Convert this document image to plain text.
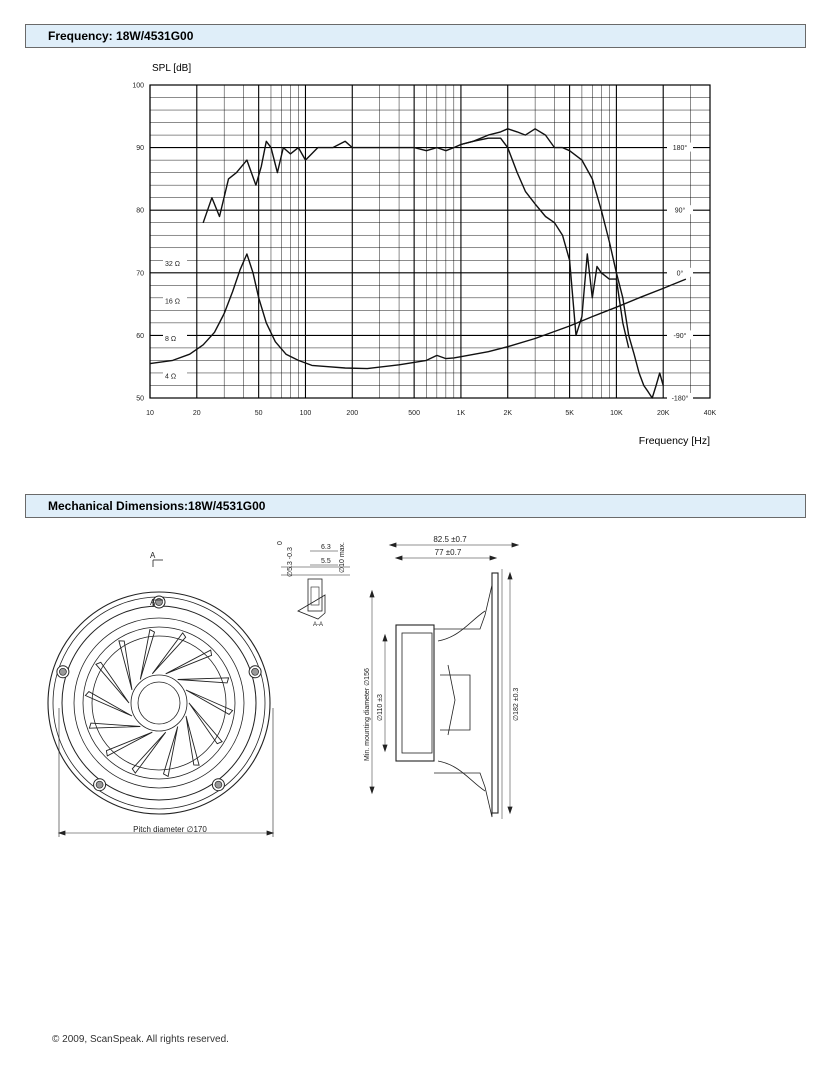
Frequency: 18W/4531G00
50
60
70
80
90
100
10	20	50	100	200	500	1K	2K	5K	10K	20K	40K
32 Ω
16 Ω
8 Ω
4 Ω
180°
90°
0°
-90°
-180°
SPL [dB]
Frequency [Hz]
Mechanical Dimensions:18W/4531G00
A
A
Pitch diameter ∅170
0
∅5.3 -0.3	∅10 max.
6.3
5.5
A-A
82.5 ±0.7
77 ±0.7
Min. mounting diameter ∅156 ∅110 ±3	∅182 ±0.3
© 2009, ScanSpeak. All rights reserved.
